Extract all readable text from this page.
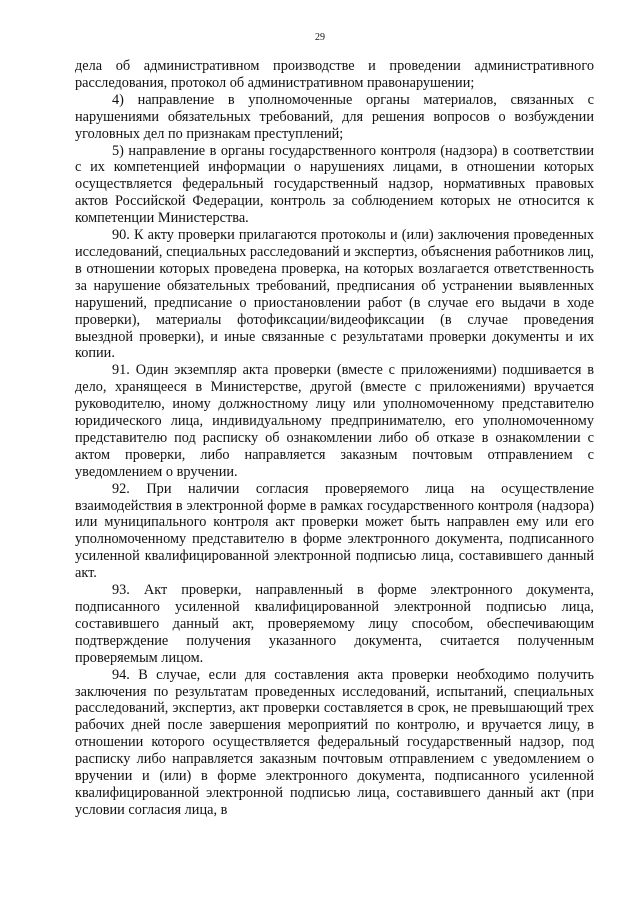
29

дела об административном производстве и проведении административного расследования, протокол об административном правонарушении;

4) направление в уполномоченные органы материалов, связанных с нарушениями обязательных требований, для решения вопросов о возбуждении уголовных дел по признакам преступлений;

5) направление в органы государственного контроля (надзора) в соответствии с их компетенцией информации о нарушениях лицами, в отношении которых осуществляется федеральный государственный надзор, нормативных правовых актов Российской Федерации, контроль за соблюдением которых не относится к компетенции Министерства.

90. К акту проверки прилагаются протоколы и (или) заключения проведенных исследований, специальных расследований и экспертиз, объяснения работников лиц, в отношении которых проведена проверка, на которых возлагается ответственность за нарушение обязательных требований, предписания об устранении выявленных нарушений, предписание о приостановлении работ (в случае его выдачи в ходе проверки), материалы фотофиксации/видеофиксации (в случае проведения выездной проверки), и иные связанные с результатами проверки документы и их копии.

91. Один экземпляр акта проверки (вместе с приложениями) подшивается в дело, хранящееся в Министерстве, другой (вместе с приложениями) вручается руководителю, иному должностному лицу или уполномоченному представителю юридического лица, индивидуальному предпринимателю, его уполномоченному представителю под расписку об ознакомлении либо об отказе в ознакомлении с актом проверки, либо направляется заказным почтовым отправлением с уведомлением о вручении.

92. При наличии согласия проверяемого лица на осуществление взаимодействия в электронной форме в рамках государственного контроля (надзора) или муниципального контроля акт проверки может быть направлен ему или его уполномоченному представителю в форме электронного документа, подписанного усиленной квалифицированной электронной подписью лица, составившего данный акт.

93. Акт проверки, направленный в форме электронного документа, подписанного усиленной квалифицированной электронной подписью лица, составившего данный акт, проверяемому лицу способом, обеспечивающим подтверждение получения указанного документа, считается полученным проверяемым лицом.

94. В случае, если для составления акта проверки необходимо получить заключения по результатам проведенных исследований, испытаний, специальных расследований, экспертиз, акт проверки составляется в срок, не превышающий трех рабочих дней после завершения мероприятий по контролю, и вручается лицу, в отношении которого осуществляется федеральный государственный надзор, под расписку либо направляется заказным почтовым отправлением с уведомлением о вручении и (или) в форме электронного документа, подписанного усиленной квалифицированной электронной подписью лица, составившего данный акт (при условии согласия лица, в
